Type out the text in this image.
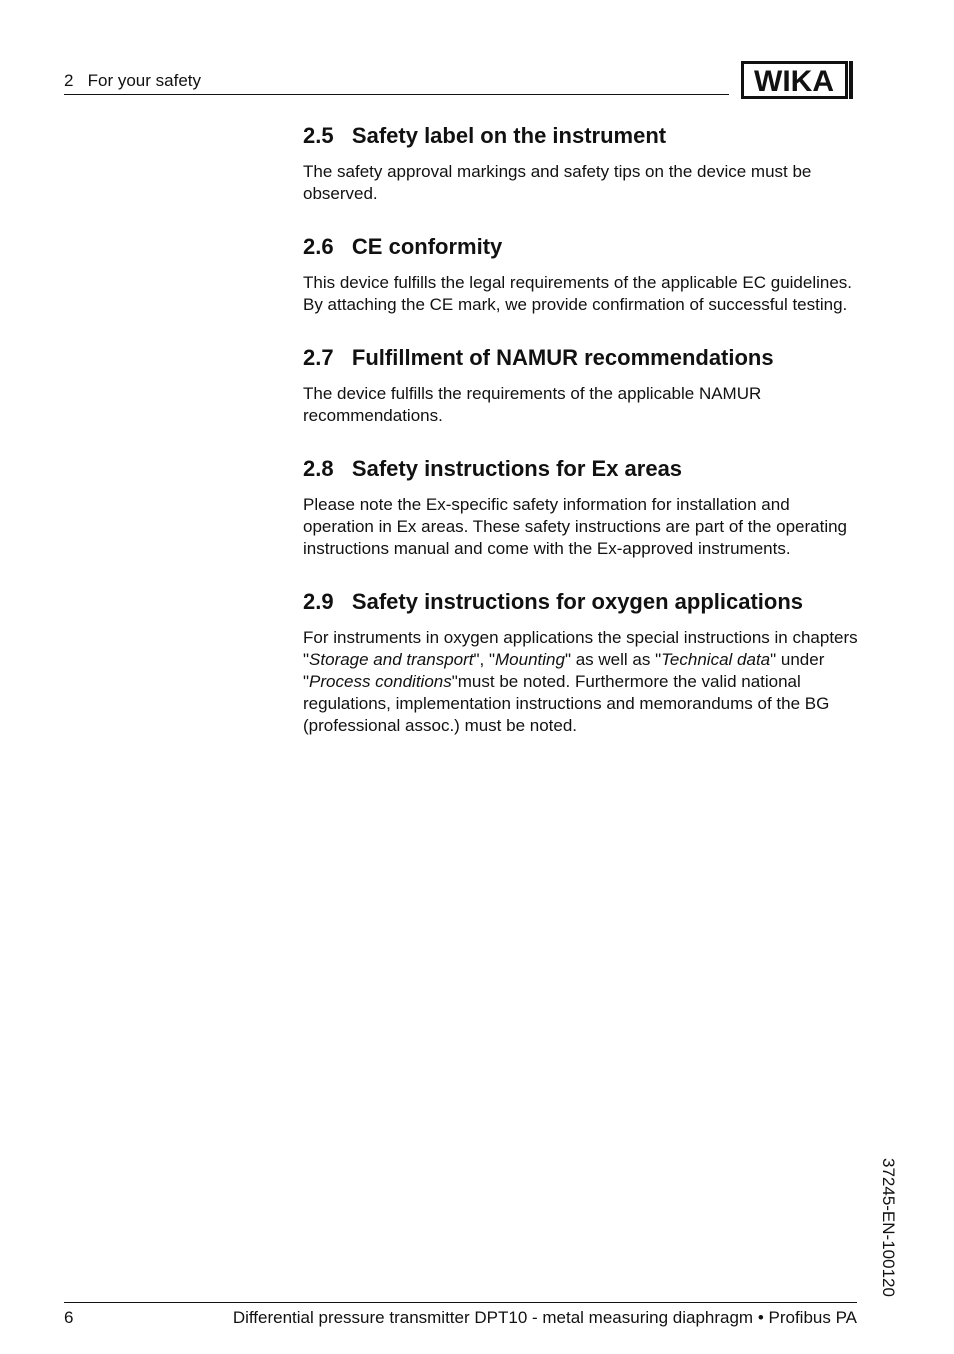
2   For your safety	WIKA
2.5   Safety label on the instrument

The safety approval markings and safety tips on the device must be observed.

2.6   CE conformity

This device fulfills the legal requirements of the applicable EC guidelines. By attaching the CE mark, we provide confirmation of successful testing.

2.7   Fulfillment of NAMUR recommendations

The device fulfills the requirements of the applicable NAMUR recommendations.

2.8   Safety instructions for Ex areas

Please note the Ex-specific safety information for installation and operation in Ex areas. These safety instructions are part of the operating instructions manual and come with the Ex-approved instruments.

2.9   Safety instructions for oxygen applications

For instruments in oxygen applications the special instructions in chapters "Storage and transport", "Mounting" as well as "Technical data" under "Process conditions"must be noted. Furthermore the valid national regulations, implementation instructions and memorandums of the BG (professional assoc.) must be noted.

37245-EN-100120
6	Differential pressure transmitter DPT10 - metal measuring diaphragm • Profibus PA
